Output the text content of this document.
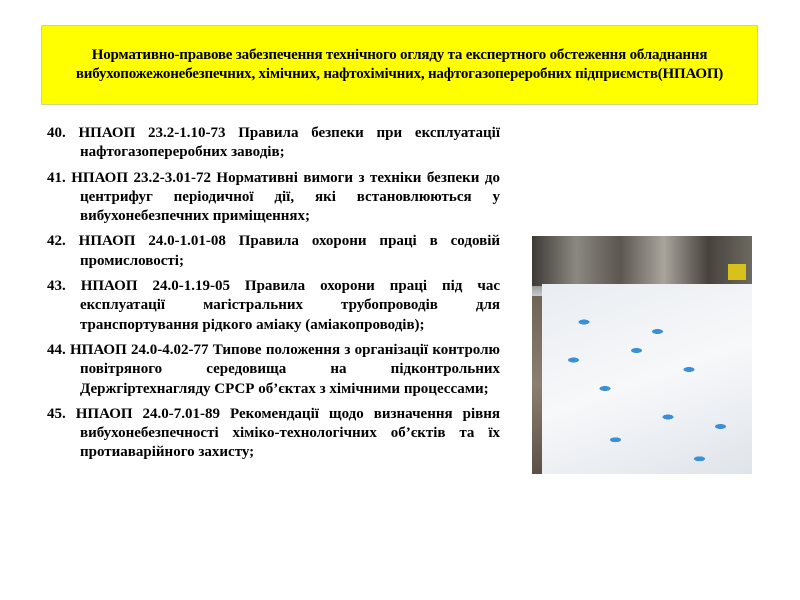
Нормативно-правове забезпечення технічного огляду та експертного обстеження обладнання вибухопожежонебезпечних, хімічних, нафтохімічних, нафтогазопереробних підприємств(НПАОП)
40. НПАОП 23.2-1.10-73 Правила безпеки при експлуатації нафтогазопереробних заводів;
41. НПАОП 23.2-3.01-72 Нормативні вимоги з техніки безпеки до центрифуг періодичної дії, які встановлюються у вибухонебезпечних приміщеннях;
42. НПАОП 24.0-1.01-08 Правила охорони праці в содовій промисловості;
43. НПАОП 24.0-1.19-05 Правила охорони праці під час експлуатації магістральних трубопроводів для транспортування рідкого аміаку (аміакопроводів);
44. НПАОП 24.0-4.02-77 Типове положення з організації контролю повітряного середовища на підконтрольних Держгіртехнагляду СРСР об’єктах з хімічними процессами;
45. НПАОП 24.0-7.01-89 Рекомендації щодо визначення рівня вибухонебезпечності хіміко-технологічних об’єктів та їх протиаварійного захисту;
